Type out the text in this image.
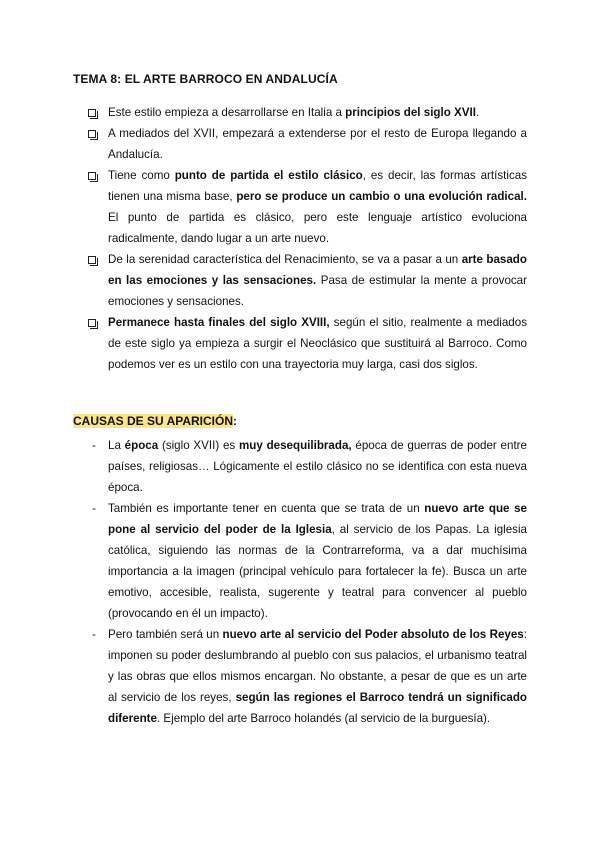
TEMA 8: EL ARTE BARROCO EN ANDALUCÍA
Este estilo empieza a desarrollarse en Italia a principios del siglo XVII.
A mediados del XVII, empezará a extenderse por el resto de Europa llegando a Andalucía.
Tiene como punto de partida el estilo clásico, es decir, las formas artísticas tienen una misma base, pero se produce un cambio o una evolución radical. El punto de partida es clásico, pero este lenguaje artístico evoluciona radicalmente, dando lugar a un arte nuevo.
De la serenidad característica del Renacimiento, se va a pasar a un arte basado en las emociones y las sensaciones. Pasa de estimular la mente a provocar emociones y sensaciones.
Permanece hasta finales del siglo XVIII, según el sitio, realmente a mediados de este siglo ya empieza a surgir el Neoclásico que sustituirá al Barroco. Como podemos ver es un estilo con una trayectoria muy larga, casi dos siglos.
CAUSAS DE SU APARICIÓN:
- La época (siglo XVII) es muy desequilibrada, época de guerras de poder entre países, religiosas… Lógicamente el estilo clásico no se identifica con esta nueva época.
- También es importante tener en cuenta que se trata de un nuevo arte que se pone al servicio del poder de la Iglesia, al servicio de los Papas. La iglesia católica, siguiendo las normas de la Contrarreforma, va a dar muchísima importancia a la imagen (principal vehículo para fortalecer la fe). Busca un arte emotivo, accesible, realista, sugerente y teatral para convencer al pueblo (provocando en él un impacto).
- Pero también será un nuevo arte al servicio del Poder absoluto de los Reyes: imponen su poder deslumbrando al pueblo con sus palacios, el urbanismo teatral y las obras que ellos mismos encargan. No obstante, a pesar de que es un arte al servicio de los reyes, según las regiones el Barroco tendrá un significado diferente. Ejemplo del arte Barroco holandés (al servicio de la burguesía).
